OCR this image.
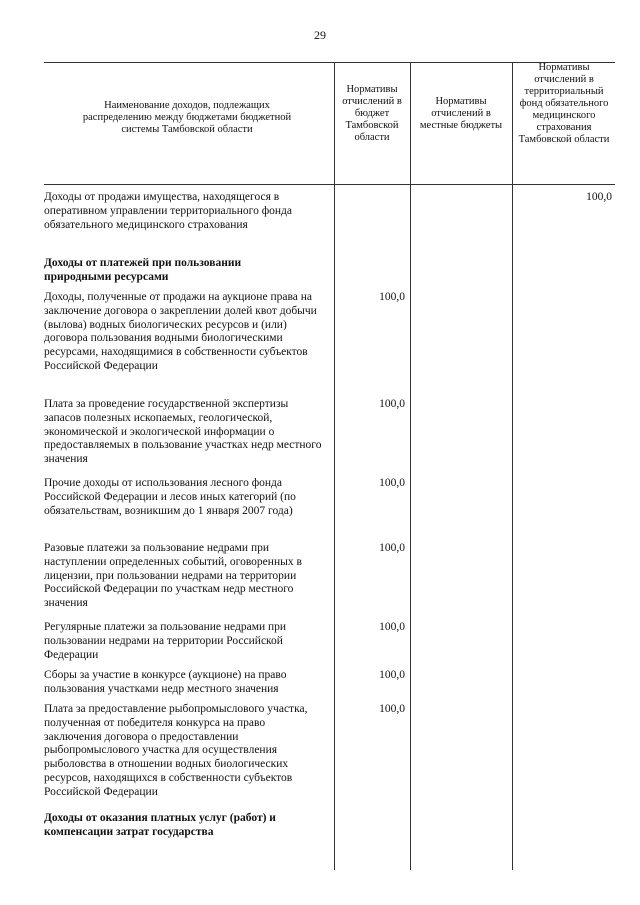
29
Наименование доходов, подлежащих распределению между бюджетами бюджетной системы Тамбовской области
Нормативы отчислений в бюджет Тамбовской области
Нормативы отчислений в местные бюджеты
Нормативы отчислений в территориальный фонд обязательного медицинского страхования Тамбовской области
Доходы от продажи имущества, находящегося в оперативном управлении территориального фонда обязательного медицинского страхования
100,0
Доходы от платежей при пользовании природными ресурсами
Доходы, полученные от продажи на аукционе права на заключение договора о закреплении долей квот добычи (вылова) водных биологических ресурсов и (или) договора пользования водными биологическими ресурсами, находящимися в собственности субъектов Российской Федерации
100,0
Плата за проведение государственной экспертизы запасов полезных ископаемых, геологической, экономической и экологической информации о предоставляемых в пользование участках недр местного значения
100,0
Прочие доходы от использования лесного фонда Российской Федерации и лесов иных категорий (по обязательствам, возникшим до 1 января 2007 года)
100,0
Разовые платежи за пользование недрами при наступлении определенных событий, оговоренных в лицензии, при пользовании недрами на территории Российской Федерации по участкам недр местного значения
100,0
Регулярные платежи за пользование недрами при пользовании недрами на территории Российской Федерации
100,0
Сборы за участие в конкурсе (аукционе) на право пользования участками недр местного значения
100,0
Плата за предоставление рыбопромыслового участка, полученная от победителя конкурса на право заключения договора о предоставлении рыбопромыслового участка для осуществления рыболовства в отношении водных биологических ресурсов, находящихся в собственности субъектов Российской Федерации
100,0
Доходы от оказания платных услуг (работ) и компенсации затрат государства
